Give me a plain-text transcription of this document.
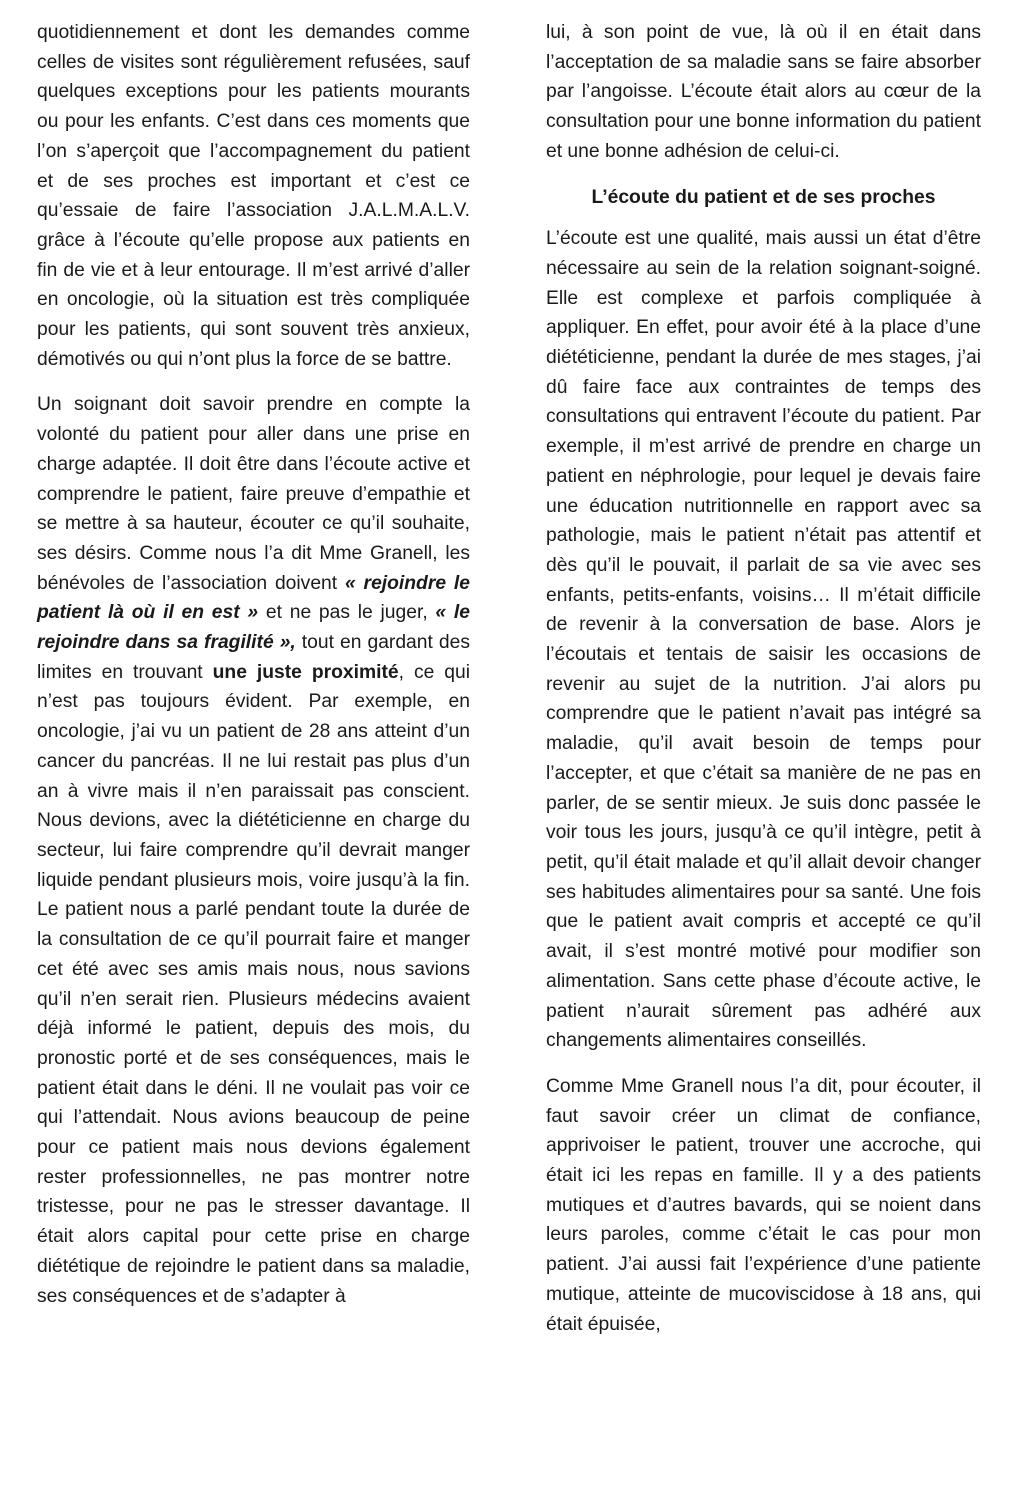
quotidiennement et dont les demandes comme celles de visites sont régulièrement refusées, sauf quelques exceptions pour les patients mourants ou pour les enfants. C’est dans ces moments que l’on s’aperçoit que l’accompagnement du patient et de ses proches est important et c’est ce qu’essaie de faire l’association J.A.L.M.A.L.V. grâce à l’écoute qu’elle propose aux patients en fin de vie et à leur entourage. Il m’est arrivé d’aller en oncologie, où la situation est très compliquée pour les patients, qui sont souvent très anxieux, démotivés ou qui n’ont plus la force de se battre.

Un soignant doit savoir prendre en compte la volonté du patient pour aller dans une prise en charge adaptée. Il doit être dans l’écoute active et comprendre le patient, faire preuve d’empathie et se mettre à sa hauteur, écouter ce qu’il souhaite, ses désirs. Comme nous l’a dit Mme Granell, les bénévoles de l’association doivent « rejoindre le patient là où il en est » et ne pas le juger, « le rejoindre dans sa fragilité », tout en gardant des limites en trouvant une juste proximité, ce qui n’est pas toujours évident. Par exemple, en oncologie, j’ai vu un patient de 28 ans atteint d’un cancer du pancréas. Il ne lui restait pas plus d’un an à vivre mais il n’en paraissait pas conscient. Nous devions, avec la diététicienne en charge du secteur, lui faire comprendre qu’il devrait manger liquide pendant plusieurs mois, voire jusqu’à la fin. Le patient nous a parlé pendant toute la durée de la consultation de ce qu’il pourrait faire et manger cet été avec ses amis mais nous, nous savions qu’il n’en serait rien. Plusieurs médecins avaient déjà informé le patient, depuis des mois, du pronostic porté et de ses conséquences, mais le patient était dans le déni. Il ne voulait pas voir ce qui l’attendait. Nous avions beaucoup de peine pour ce patient mais nous devions également rester professionnelles, ne pas montrer notre tristesse, pour ne pas le stresser davantage. Il était alors capital pour cette prise en charge diététique de rejoindre le patient dans sa maladie, ses conséquences et de s’adapter à

lui, à son point de vue, là où il en était dans l’acceptation de sa maladie sans se faire absorber par l’angoisse. L’écoute était alors au cœur de la consultation pour une bonne information du patient et une bonne adhésion de celui-ci.

L’écoute du patient et de ses proches

L’écoute est une qualité, mais aussi un état d’être nécessaire au sein de la relation soignant-soigné. Elle est complexe et parfois compliquée à appliquer. En effet, pour avoir été à la place d’une diététicienne, pendant la durée de mes stages, j’ai dû faire face aux contraintes de temps des consultations qui entravent l’écoute du patient. Par exemple, il m’est arrivé de prendre en charge un patient en néphrologie, pour lequel je devais faire une éducation nutritionnelle en rapport avec sa pathologie, mais le patient n’était pas attentif et dès qu’il le pouvait, il parlait de sa vie avec ses enfants, petits-enfants, voisins… Il m’était difficile de revenir à la conversation de base. Alors je l’écoutais et tentais de saisir les occasions de revenir au sujet de la nutrition. J’ai alors pu comprendre que le patient n’avait pas intégré sa maladie, qu’il avait besoin de temps pour l’accepter, et que c’était sa manière de ne pas en parler, de se sentir mieux. Je suis donc passée le voir tous les jours, jusqu’à ce qu’il intègre, petit à petit, qu’il était malade et qu’il allait devoir changer ses habitudes alimentaires pour sa santé. Une fois que le patient avait compris et accepté ce qu’il avait, il s’est montré motivé pour modifier son alimentation. Sans cette phase d’écoute active, le patient n’aurait sûrement pas adhéré aux changements alimentaires conseillés.

Comme Mme Granell nous l’a dit, pour écouter, il faut savoir créer un climat de confiance, apprivoiser le patient, trouver une accroche, qui était ici les repas en famille. Il y a des patients mutiques et d’autres bavards, qui se noient dans leurs paroles, comme c’était le cas pour mon patient. J’ai aussi fait l’expérience d’une patiente mutique, atteinte de mucoviscidose à 18 ans, qui était épuisée,
